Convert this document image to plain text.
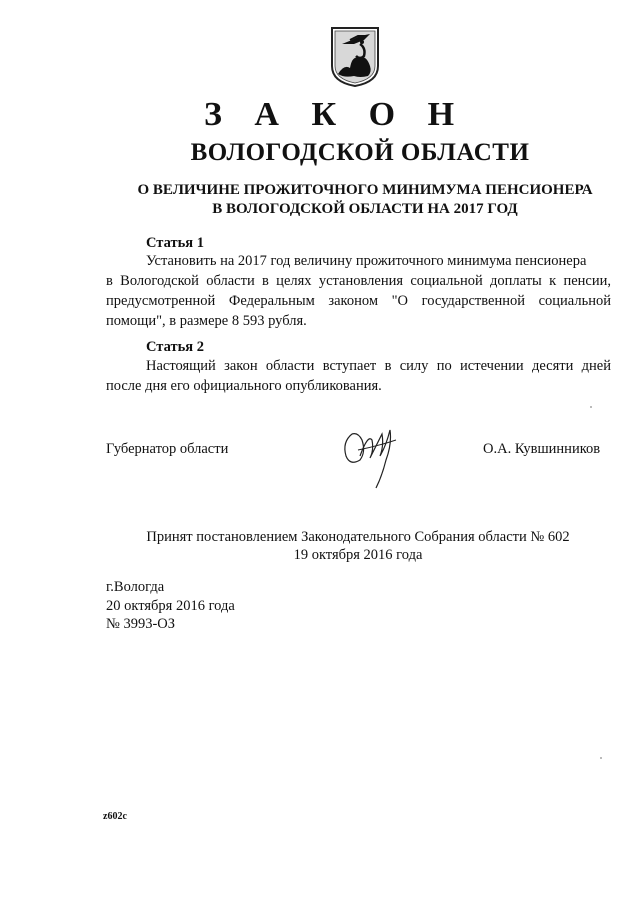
З А К О Н
ВОЛОГОДСКОЙ ОБЛАСТИ
О ВЕЛИЧИНЕ ПРОЖИТОЧНОГО МИНИМУМА ПЕНСИОНЕРА
В ВОЛОГОДСКОЙ ОБЛАСТИ НА 2017 ГОД
Статья 1
Установить на 2017 год величину прожиточного минимума пенсионера
в Вологодской области в целях установления социальной доплаты к пенсии,
предусмотренной Федеральным законом "О государственной социальной
помощи", в размере 8 593 рубля.
Статья 2
Настоящий закон области вступает в силу по истечении десяти дней
после дня его официального опубликования.
Губернатор области	О.А. Кувшинников
Принят постановлением Законодательного Собрания области № 602
19 октября 2016 года
г.Вологда
20 октября 2016 года
№ 3993-ОЗ
z602c
